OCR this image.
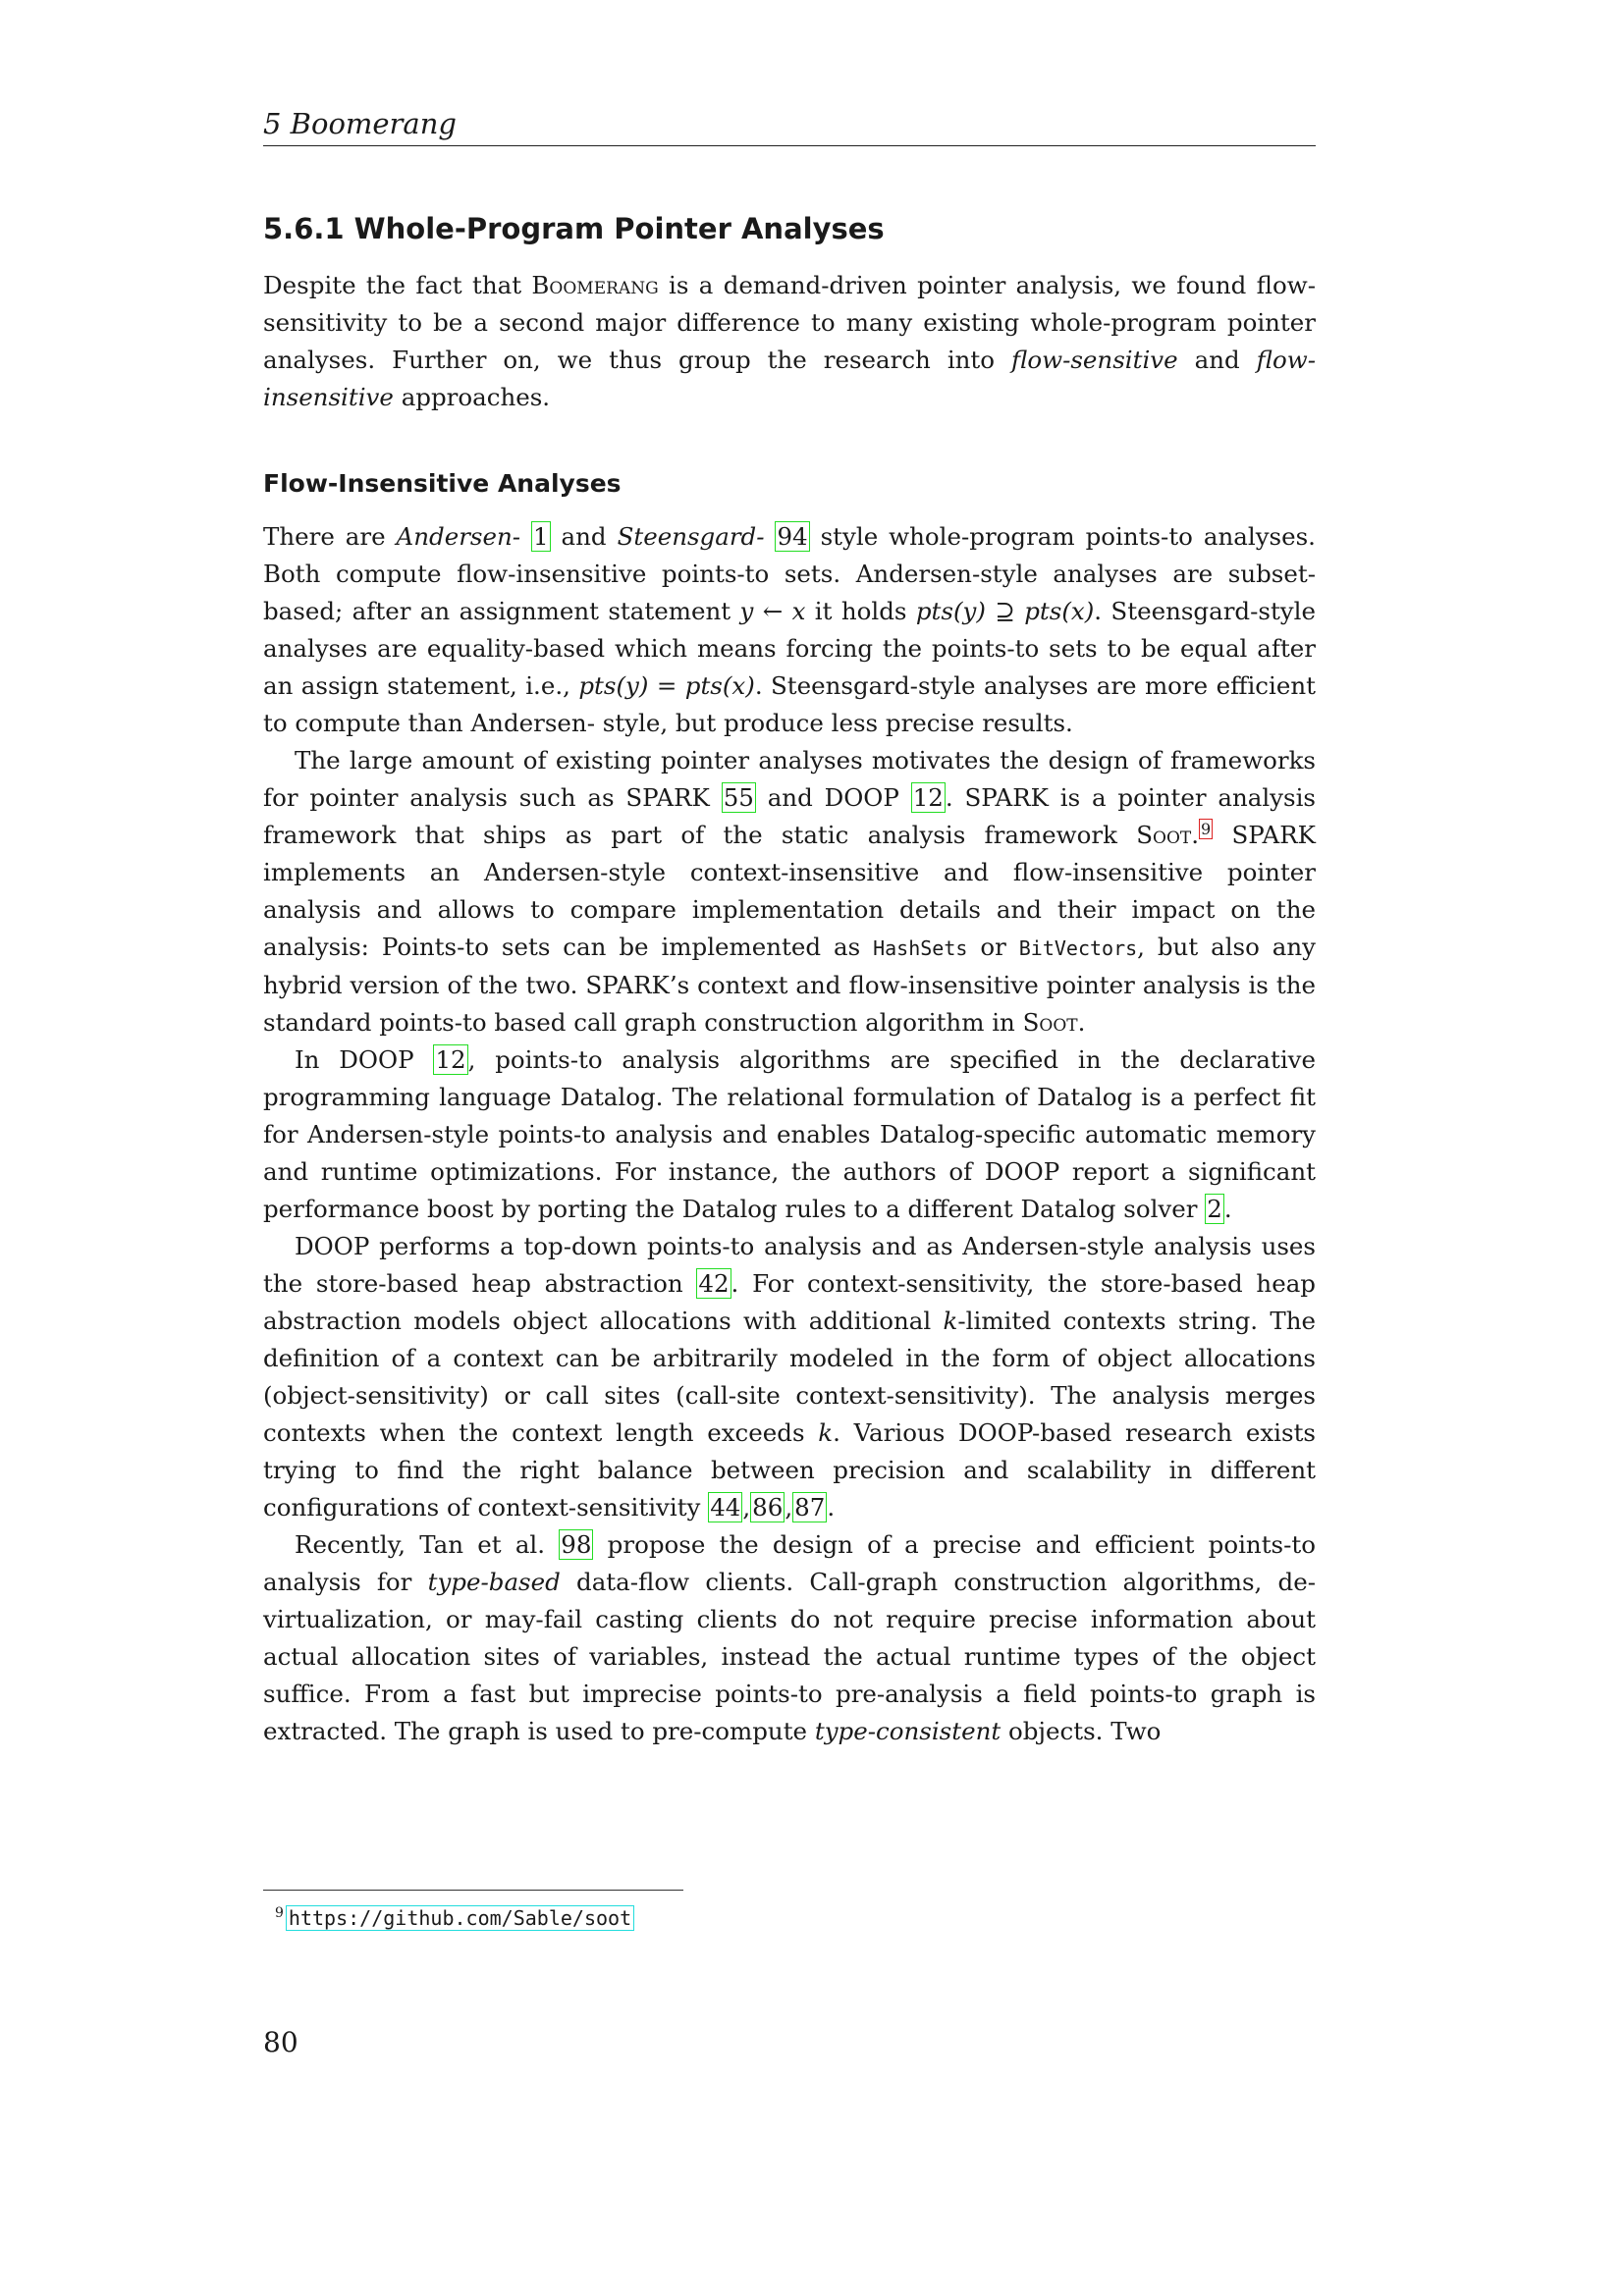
5 Boomerang
5.6.1 Whole-Program Pointer Analyses

Despite the fact that Boomerang is a demand-driven pointer analysis, we found flow-sensitivity to be a second major difference to many existing whole-program pointer analyses. Further on, we thus group the research into flow-sensitive and flow-insensitive approaches.

Flow-Insensitive Analyses

There are Andersen- 1 and Steensgard- 94 style whole-program points-to analyses. Both compute flow-insensitive points-to sets. Andersen-style analyses are subset-based; after an assignment statement y ← x it holds pts(y) ⊇ pts(x). Steensgard-style analyses are equality-based which means forcing the points-to sets to be equal after an assign statement, i.e., pts(y) = pts(x). Steensgard-style analyses are more efficient to compute than Andersen- style, but produce less precise results.

The large amount of existing pointer analyses motivates the design of frameworks for pointer analysis such as SPARK 55 and DOOP 12. SPARK is a pointer analysis framework that ships as part of the static analysis framework Soot. $^9$ SPARK implements an Andersen-style context-insensitive and flow-insensitive pointer analysis and allows to compare implementation details and their impact on the analysis: Points-to sets can be implemented as HashSets or BitVectors, but also any hybrid version of the two. SPARK’s context and flow-insensitive pointer analysis is the standard points-to based call graph construction algorithm in Soot.

In DOOP 12, points-to analysis algorithms are specified in the declarative programming language Datalog. The relational formulation of Datalog is a perfect fit for Andersen-style points-to analysis and enables Datalog-specific automatic memory and runtime optimizations. For instance, the authors of DOOP report a significant performance boost by porting the Datalog rules to a different Datalog solver 2.

DOOP performs a top-down points-to analysis and as Andersen-style analysis uses the store-based heap abstraction 42. For context-sensitivity, the store-based heap abstraction models object allocations with additional k-limited contexts string. The definition of a context can be arbitrarily modeled in the form of object allocations (object-sensitivity) or call sites (call-site context-sensitivity). The analysis merges contexts when the context length exceeds k. Various DOOP-based research exists trying to find the right balance between precision and scalability in different configurations of context-sensitivity 44,86,87.

Recently, Tan et al. 98 propose the design of a precise and efficient points-to analysis for type-based data-flow clients. Call-graph construction algorithms, de-virtualization, or may-fail casting clients do not require precise information about actual allocation sites of variables, instead the actual runtime types of the object suffice. From a fast but imprecise points-to pre-analysis a field points-to graph is extracted. The graph is used to pre-compute type-consistent objects. Two

$^9$ https://github.com/Sable/soot
80
